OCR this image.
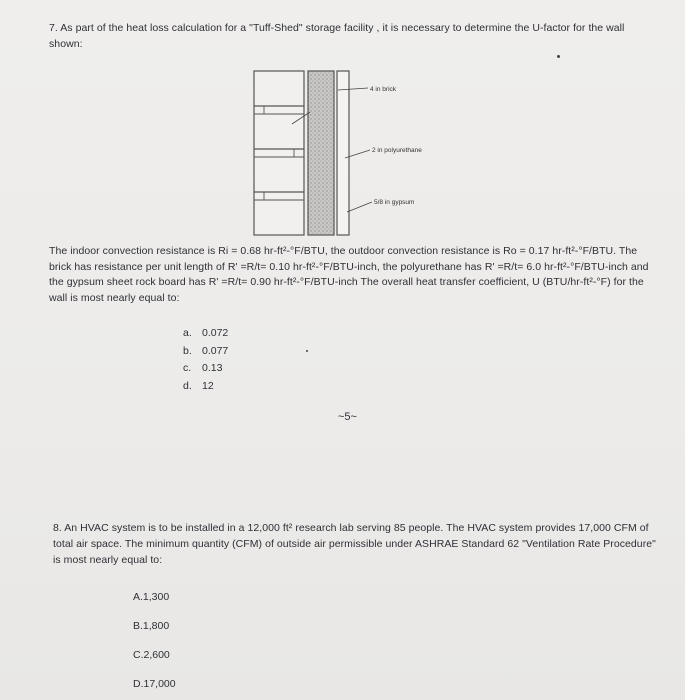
7. As part of the heat loss calculation for a "Tuff-Shed" storage facility , it is necessary to determine the U-factor for the wall shown:
4 in brick
2 in polyurethane
5/8 in gypsum
The indoor convection resistance is Ri = 0.68 hr-ft²-°F/BTU, the outdoor convection resistance is Ro = 0.17 hr-ft²-°F/BTU. The brick has resistance per unit length of R' =R/t= 0.10 hr-ft²-°F/BTU-inch, the polyurethane has R' =R/t= 6.0 hr-ft²-°F/BTU-inch and the gypsum sheet rock board has R' =R/t= 0.90 hr-ft²-°F/BTU-inch The overall heat transfer coefficient, U (BTU/hr-ft²-°F) for the wall is most nearly equal to:
a. 0.072
b. 0.077
c.	0.13
d. 12
~5~
8. An HVAC system is to be installed in a 12,000 ft² research lab serving 85 people. The HVAC system provides 17,000 CFM of total air space. The minimum quantity (CFM) of outside air permissible under ASHRAE Standard 62 "Ventilation Rate Procedure" is most nearly equal to:
A.1,300
B.1,800
C.2,600
D.17,000
